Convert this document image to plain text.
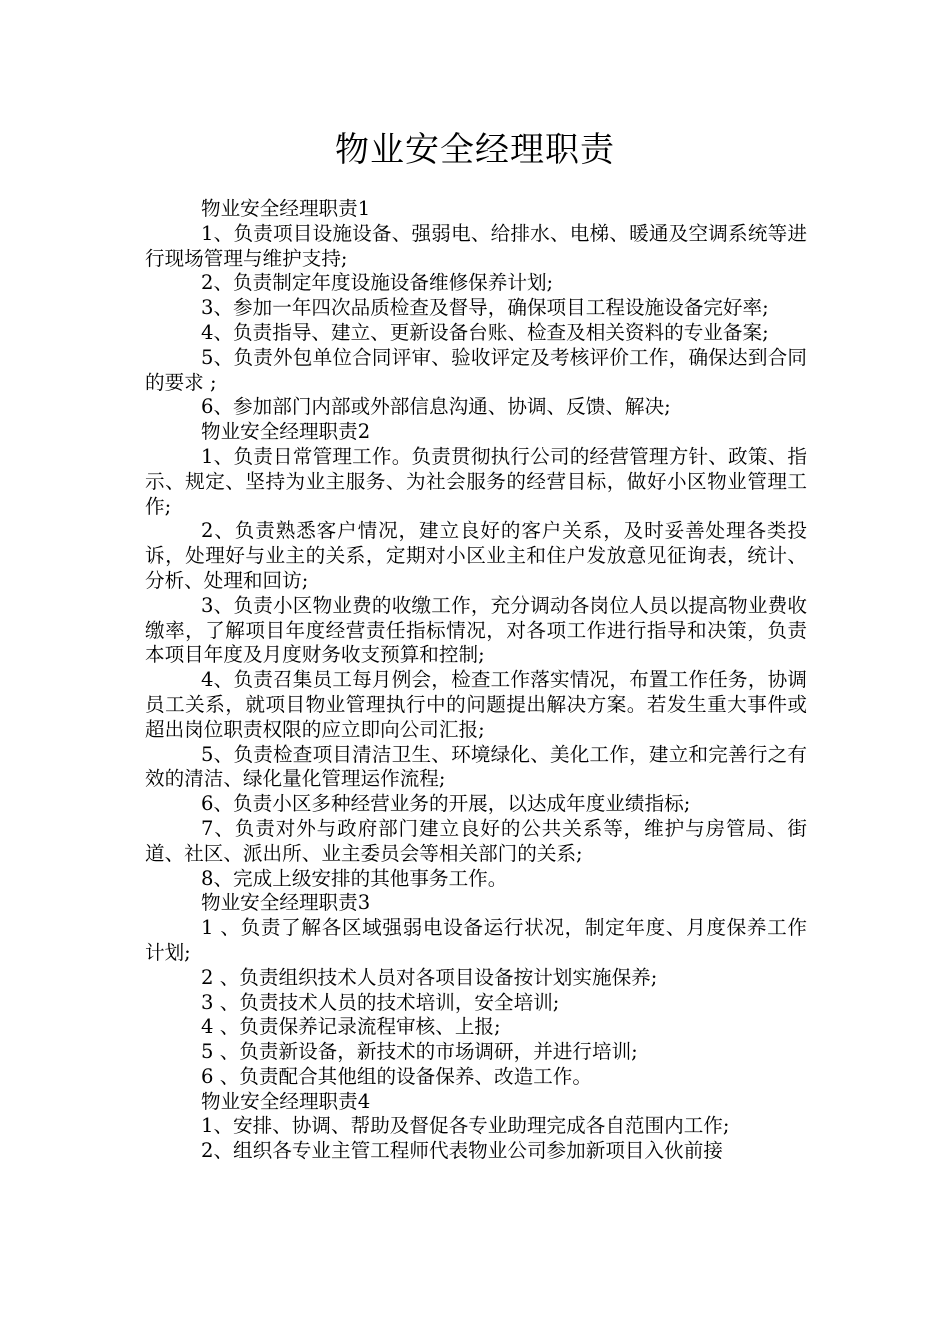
物业安全经理职责

物业安全经理职责1

1、负责项目设施设备、强弱电、给排水、电梯、暖通及空调系统等进行现场管理与维护支持;

2、负责制定年度设施设备维修保养计划;

3、参加一年四次品质检查及督导，确保项目工程设施设备完好率;

4、负责指导、建立、更新设备台账、检查及相关资料的专业备案;

5、负责外包单位合同评审、验收评定及考核评价工作，确保达到合同的要求 ;

6、参加部门内部或外部信息沟通、协调、反馈、解决;

物业安全经理职责2

1、负责日常管理工作。负责贯彻执行公司的经营管理方针、政策、指示、规定、坚持为业主服务、为社会服务的经营目标，做好小区物业管理工作;

2、负责熟悉客户情况，建立良好的客户关系，及时妥善处理各类投诉，处理好与业主的关系，定期对小区业主和住户发放意见征询表，统计、分析、处理和回访;

3、负责小区物业费的收缴工作，充分调动各岗位人员以提高物业费收缴率，了解项目年度经营责任指标情况，对各项工作进行指导和决策，负责本项目年度及月度财务收支预算和控制;

4、负责召集员工每月例会，检查工作落实情况，布置工作任务，协调员工关系，就项目物业管理执行中的问题提出解决方案。若发生重大事件或超出岗位职责权限的应立即向公司汇报;

5、负责检查项目清洁卫生、环境绿化、美化工作，建立和完善行之有效的清洁、绿化量化管理运作流程;

6、负责小区多种经营业务的开展，以达成年度业绩指标;

7、负责对外与政府部门建立良好的公共关系等，维护与房管局、街道、社区、派出所、业主委员会等相关部门的关系;

8、完成上级安排的其他事务工作。

物业安全经理职责3

1 、负责了解各区域强弱电设备运行状况，制定年度、月度保养工作计划;

2 、负责组织技术人员对各项目设备按计划实施保养;

3 、负责技术人员的技术培训，安全培训;

4 、负责保养记录流程审核、上报;

5 、负责新设备，新技术的市场调研，并进行培训;

6 、负责配合其他组的设备保养、改造工作。

物业安全经理职责4

1、安排、协调、帮助及督促各专业助理完成各自范围内工作;

2、组织各专业主管工程师代表物业公司参加新项目入伙前接
